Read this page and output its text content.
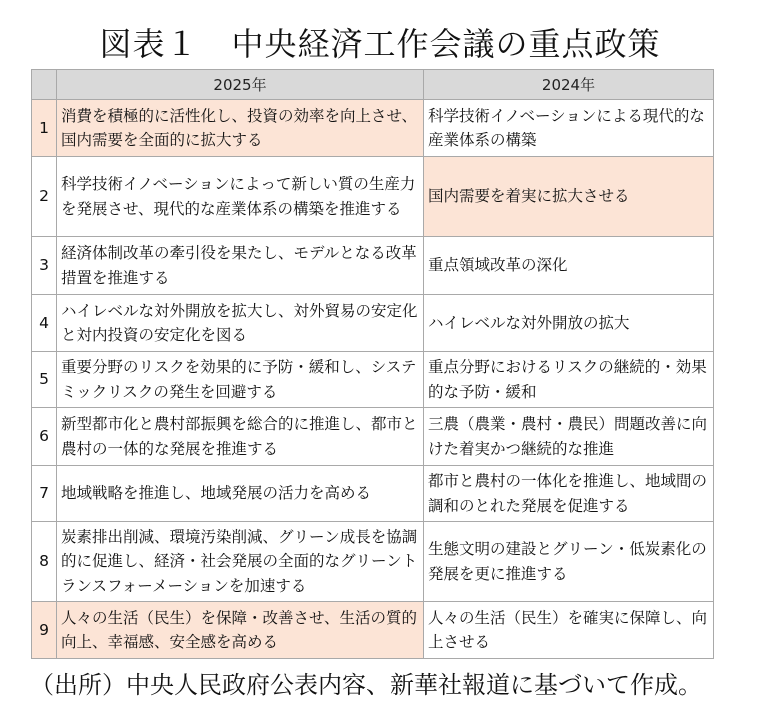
図表１　中央経済工作会議の重点政策
	2025年	2024年
1	消費を積極的に活性化し、投資の効率を向上させ、国内需要を全面的に拡大する	科学技術イノベーションによる現代的な産業体系の構築
2	科学技術イノベーションによって新しい質の生産力を発展させ、現代的な産業体系の構築を推進する	国内需要を着実に拡大させる
3	経済体制改革の牽引役を果たし、モデルとなる改革措置を推進する	重点領域改革の深化
4	ハイレベルな対外開放を拡大し、対外貿易の安定化と対内投資の安定化を図る	ハイレベルな対外開放の拡大
5	重要分野のリスクを効果的に予防・緩和し、システミックリスクの発生を回避する	重点分野におけるリスクの継続的・効果的な予防・緩和
6	新型都市化と農村部振興を総合的に推進し、都市と農村の一体的な発展を推進する	三農（農業・農村・農民）問題改善に向けた着実かつ継続的な推進
7	地域戦略を推進し、地域発展の活力を高める	都市と農村の一体化を推進し、地域間の調和のとれた発展を促進する
8	炭素排出削減、環境汚染削減、グリーン成長を協調的に促進し、経済・社会発展の全面的なグリーントランスフォーメーションを加速する	生態文明の建設とグリーン・低炭素化の発展を更に推進する
9	人々の生活（民生）を保障・改善させ、生活の質的向上、幸福感、安全感を高める	人々の生活（民生）を確実に保障し、向上させる
（出所）中央人民政府公表内容、新華社報道に基づいて作成。
